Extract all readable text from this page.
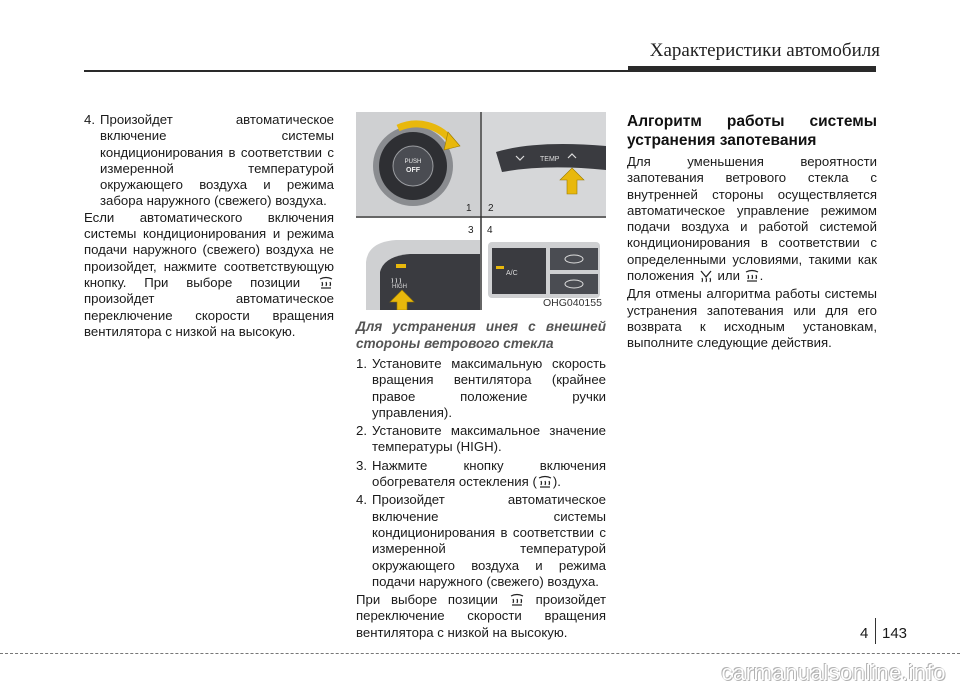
Характеристики автомобиля
4. Произойдет автоматическое включение системы кондиционирования в соответствии с измеренной температурой окружающего воздуха и режима забора наружного (свежего) воздуха.

Если автоматического включения системы кондиционирования и режима подачи наружного (свежего) воздуха не произойдет, нажмите соответствующую кнопку. При выборе позиции  произойдет автоматическое переключение скорости вращения вентилятора с низкой на высокую.

PUSH
OFF
1
TEMP
2
HIGH
3
A/C
4
OHG040155

Для устранения инея с внешней стороны ветрового стекла

1. Установите максимальную скорость вращения вентилятора (крайнее правое положение ручки управления).
2. Установите максимальное значение температуры (HIGH).
3. Нажмите кнопку включения обогревателя остекления ( ).
4. Произойдет автоматическое включение системы кондиционирования в соответствии с измеренной температурой окружающего воздуха и режима подачи наружного (свежего) воздуха.

При выборе позиции	произойдет переключение скорости вращения вентилятора с низкой на высокую.

Алгоритм работы системы устранения запотевания

Для уменьшения вероятности запотевания ветрового стекла с внутренней стороны осуществляется автоматическое управление режимом подачи воздуха и работой системой кондиционирования в соответствии с определенными условиями, такими как положения или .

Для отмены алгоритма работы системы устранения запотевания или для его возврата к исходным установкам, выполните следующие действия.

4 143
carmanualsonline.info
